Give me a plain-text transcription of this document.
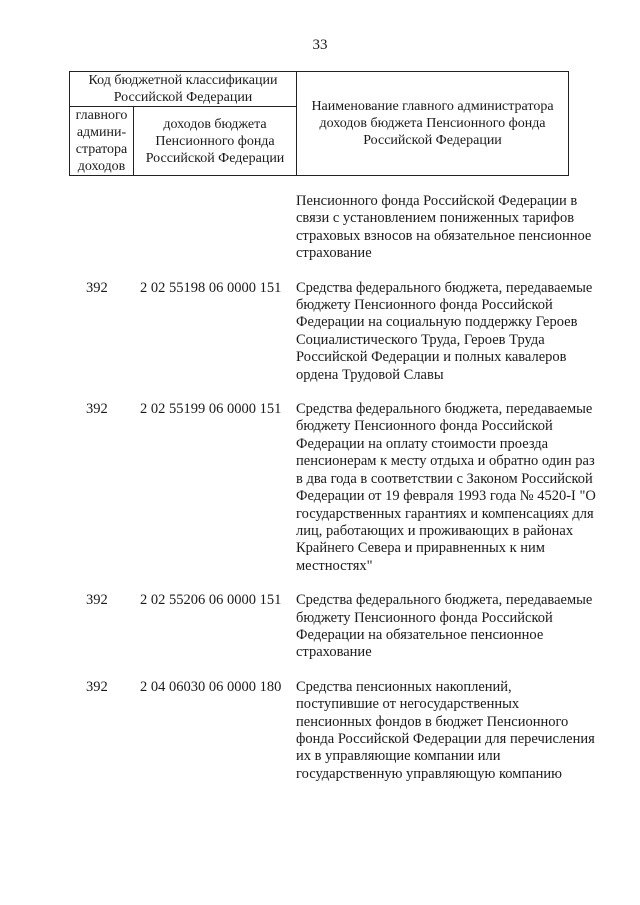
33
Код бюджетной классификации Российской Федерации		Наименование главного администратора доходов бюджета Пенсионного фонда Российской Федерации
главного админи-стратора доходов	доходов бюджета Пенсионного фонда Российской Федерации	
Пенсионного фонда Российской Федерации в связи с установлением пониженных тарифов страховых взносов на обязательное пенсионное страхование
392 2 02 55198 06 0000 151 Средства федерального бюджета, передаваемые бюджету Пенсионного фонда Российской Федерации на социальную поддержку Героев Социалистического Труда, Героев Труда Российской Федерации и полных кавалеров ордена Трудовой Славы
392 2 02 55199 06 0000 151 Средства федерального бюджета, передаваемые бюджету Пенсионного фонда Российской Федерации на оплату стоимости проезда пенсионерам к месту отдыха и обратно один раз в два года в соответствии с Законом Российской Федерации от 19 февраля 1993 года № 4520-I "О государственных гарантиях и компенсациях для лиц, работающих и проживающих в районах Крайнего Севера и приравненных к ним местностях"
392 2 02 55206 06 0000 151 Средства федерального бюджета, передаваемые бюджету Пенсионного фонда Российской Федерации на обязательное пенсионное страхование
392 2 04 06030 06 0000 180 Средства пенсионных накоплений, поступившие от негосударственных пенсионных фондов в бюджет Пенсионного фонда Российской Федерации для перечисления их в управляющие компании или государственную управляющую компанию
